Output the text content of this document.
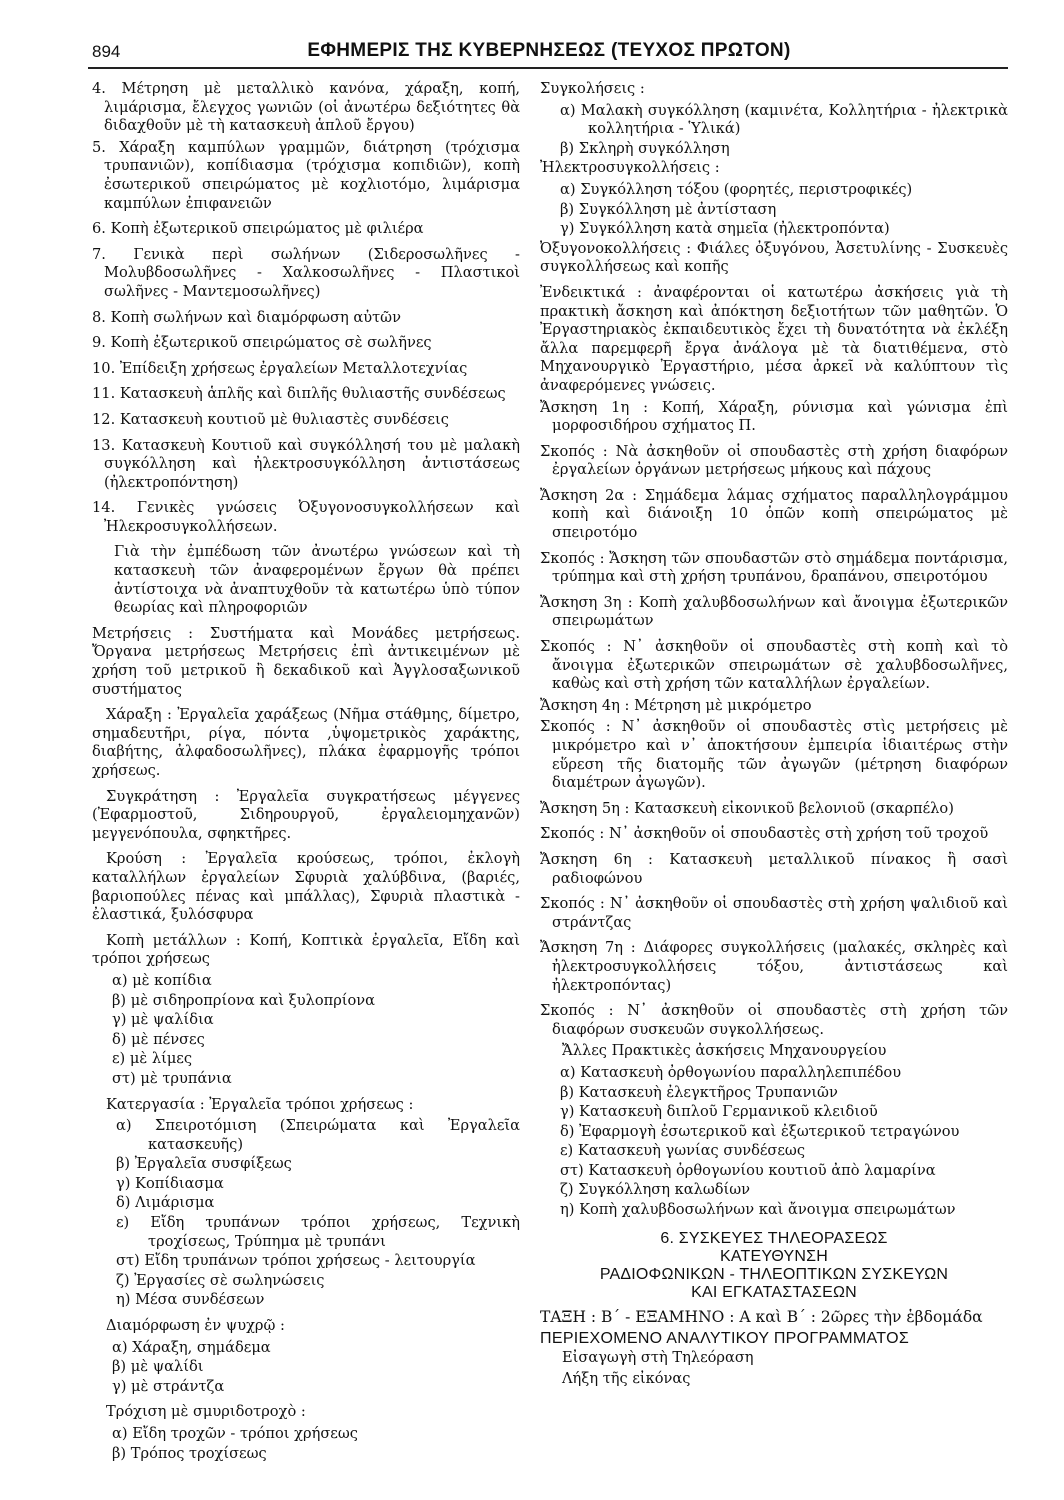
894	ΕΦΗΜΕΡΙΣ ΤΗΣ ΚΥΒΕΡΝΗΣΕΩΣ (ΤΕΥΧΟΣ ΠΡΩΤΟΝ)
4. Μέτρηση μὲ μεταλλικὸ κανόνα, χάραξη, κοπή, λιμάρισμα, ἔλεγχος γωνιῶν (οἱ ἀνωτέρω δεξιότητες θὰ διδαχθοῦν μὲ τὴ κατασκευὴ ἁπλοῦ ἔργου)
5. Χάραξη καμπύλων γραμμῶν, διάτρηση (τρόχισμα τρυπανιῶν), κοπίδιασμα (τρόχισμα κοπιδιῶν), κοπὴ ἐσωτερικοῦ σπειρώματος μὲ κοχλιοτόμο, λιμάρισμα καμπύλων ἐπιφανειῶν
6. Κοπὴ ἐξωτερικοῦ σπειρώματος μὲ φιλιέρα
7. Γενικὰ περὶ σωλήνων (Σιδεροσωλῆνες - Μολυβδοσωλῆνες - Χαλκοσωλῆνες - Πλαστικοὶ σωλῆνες - Μαντεμοσωλῆνες)
8. Κοπὴ σωλήνων καὶ διαμόρφωση αὐτῶν
9. Κοπὴ ἐξωτερικοῦ σπειρώματος σὲ σωλῆνες
10. Ἐπίδειξη χρήσεως ἐργαλείων Μεταλλοτεχνίας
11. Κατασκευὴ ἁπλῆς καὶ διπλῆς θυλιαστῆς συνδέσεως
12. Κατασκευὴ κουτιοῦ μὲ θυλιαστὲς συνδέσεις
13. Κατασκευὴ Κουτιοῦ καὶ συγκόλλησή του μὲ μαλακὴ συγκόλληση καὶ ἠλεκτροσυγκόλληση ἀντιστάσεως (ἠλεκτροπόντηση)
14. Γενικὲς γνώσεις Ὀξυγονοσυγκολλήσεων καὶ Ἠλεκροσυγκολλήσεων.
Γιὰ τὴν ἐμπέδωση τῶν ἀνωτέρω γνώσεων καὶ τὴ κατασκευὴ τῶν ἀναφερομένων ἔργων θὰ πρέπει ἀντίστοιχα νὰ ἀναπτυχθοῦν τὰ κατωτέρω ὑπὸ τύπον θεωρίας καὶ πληροφοριῶν
Μετρήσεις : Συστήματα καὶ Μονάδες μετρήσεως. Ὄργανα μετρήσεως Μετρήσεις ἐπὶ ἀντικειμένων μὲ χρήση τοῦ μετρικοῦ ἢ δεκαδικοῦ καὶ Ἀγγλοσαξωνικοῦ συστήματος
Χάραξη : Ἐργαλεῖα χαράξεως (Νῆμα στάθμης, δίμετρο, σημαδευτῆρι, ρίγα, πόντα ,ὑψομετρικὸς χαράκτης, διαβήτης, ἀλφαδοσωλῆνες), πλάκα ἐφαρμογῆς τρόποι χρήσεως.
Συγκράτηση : Ἐργαλεῖα συγκρατήσεως μέγγενες (Ἐφαρμοστοῦ, Σιδηρουργοῦ, ἐργαλειομηχανῶν) μεγγενόπουλα, σφηκτῆρες.
Κρούση : Ἐργαλεῖα κρούσεως, τρόποι, ἐκλογὴ καταλλήλων ἐργαλείων Σφυριὰ χαλύβδινα, (βαριές, βαριοπούλες πένας καὶ μπάλλας), Σφυριὰ πλαστικὰ - ἐλαστικά, ξυλόσφυρα
Κοπὴ μετάλλων : Κοπή, Κοπτικὰ ἐργαλεῖα, Εἴδη καὶ τρόποι χρήσεως
α) μὲ κοπίδια
β) μὲ σιδηροπρίονα καὶ ξυλοπρίονα
γ) μὲ ψαλίδια
δ) μὲ πένσες
ε) μὲ λίμες
στ) μὲ τρυπάνια
Κατεργασία : Ἐργαλεῖα τρόποι χρήσεως :
α) Σπειροτόμιση (Σπειρώματα καὶ Ἐργαλεῖα κατασκευῆς)
β) Ἐργαλεῖα συσφίξεως
γ) Κοπίδιασμα
δ) Λιμάρισμα
ε) Εἴδη τρυπάνων τρόποι χρήσεως, Τεχνικὴ τροχίσεως, Τρύπημα μὲ τρυπάνι
στ) Εἴδη τρυπάνων τρόποι χρήσεως - λειτουργία
ζ) Ἐργασίες σὲ σωληνώσεις
η) Μέσα συνδέσεων
Διαμόρφωση ἐν ψυχρῷ :
α) Χάραξη, σημάδεμα
β) μὲ ψαλίδι
γ) μὲ στράντζα
Τρόχιση μὲ σμυριδοτροχὸ :
α) Εἴδη τροχῶν - τρόποι χρήσεως
β) Τρόπος τροχίσεως
Συγκολήσεις :
α) Μαλακὴ συγκόλληση (καμινέτα, Κολλητήρια - ἠλεκτρικὰ κολλητήρια - Ὑλικά)
β) Σκληρὴ συγκόλληση
Ἠλεκτροσυγκολλήσεις :
α) Συγκόλληση τόξου (φορητές, περιστροφικές)
β) Συγκόλληση μὲ ἀντίσταση
γ) Συγκόλληση κατὰ σημεῖα (ἠλεκτροπόντα)
Ὀξυγονοκολλήσεις : Φιάλες ὀξυγόνου, Ἀσετυλίνης - Συσκευὲς συγκολλήσεως καὶ κοπῆς
Ἐνδεικτικά : ἀναφέρονται οἱ κατωτέρω ἀσκήσεις γιὰ τὴ πρακτικὴ ἄσκηση καὶ ἀπόκτηση δεξιοτήτων τῶν μαθητῶν. Ὁ Ἐργαστηριακὸς ἐκπαιδευτικὸς ἔχει τὴ δυνατότητα νὰ ἐκλέξη ἄλλα παρεμφερῆ ἔργα ἀνάλογα μὲ τὰ διατιθέμενα, στὸ Μηχανουργικὸ Ἐργαστήριο, μέσα ἀρκεῖ νὰ καλύπτουν τὶς ἀναφερόμενες γνώσεις.
Ἄσκηση 1η : Κοπή, Χάραξη, ρύνισμα καὶ γώνισμα ἐπὶ μορφοσιδήρου σχήματος Π.
Σκοπός : Νὰ ἀσκηθοῦν οἱ σπουδαστὲς στὴ χρήση διαφόρων ἐργαλείων ὀργάνων μετρήσεως μήκους καὶ πάχους
Ἄσκηση 2α : Σημάδεμα λάμας σχήματος παραλληλογράμμου κοπὴ καὶ διάνοιξη 10 ὀπῶν κοπὴ σπειρώματος μὲ σπειροτόμο
Σκοπός : Ἄσκηση τῶν σπουδαστῶν στὸ σημάδεμα ποντάρισμα, τρύπημα καὶ στὴ χρήση τρυπάνου, δραπάνου, σπειροτόμου
Ἄσκηση 3η : Κοπὴ χαλυβδοσωλήνων καὶ ἄνοιγμα ἐξωτερικῶν σπειρωμάτων
Σκοπός : Ν᾽ ἀσκηθοῦν οἱ σπουδαστὲς στὴ κοπὴ καὶ τὸ ἄνοιγμα ἐξωτερικῶν σπειρωμάτων σὲ χαλυβδοσωλῆνες, καθὼς καὶ στὴ χρήση τῶν καταλλήλων ἐργαλείων.
Ἄσκηση 4η : Μέτρηση μὲ μικρόμετρο
Σκοπός : Ν᾽ ἀσκηθοῦν οἱ σπουδαστὲς στὶς μετρήσεις μὲ μικρόμετρο καὶ ν᾽ ἀποκτήσουν ἐμπειρία ἰδιαιτέρως στὴν εὕρεση τῆς διατομῆς τῶν ἀγωγῶν (μέτρηση διαφόρων διαμέτρων ἀγωγῶν).
Ἄσκηση 5η : Κατασκευὴ εἰκονικοῦ βελονιοῦ (σκαρπέλο)
Σκοπός : Ν᾽ ἀσκηθοῦν οἱ σπουδαστὲς στὴ χρήση τοῦ τροχοῦ
Ἄσκηση 6η : Κατασκευὴ μεταλλικοῦ πίνακος ἢ σασὶ ραδιοφώνου
Σκοπός : Ν᾽ ἀσκηθοῦν οἱ σπουδαστὲς στὴ χρήση ψαλιδιοῦ καὶ στράντζας
Ἄσκηση 7η : Διάφορες συγκολλήσεις (μαλακές, σκληρὲς καὶ ἠλεκτροσυγκολλήσεις τόξου, ἀντιστάσεως καὶ ἠλεκτροπόντας)
Σκοπός : Ν᾽ ἀσκηθοῦν οἱ σπουδαστὲς στὴ χρήση τῶν διαφόρων συσκευῶν συγκολλήσεως.
Ἄλλες Πρακτικὲς ἀσκήσεις Μηχανουργείου
α) Κατασκευὴ ὀρθογωνίου παραλληλεπιπέδου
β) Κατασκευὴ ἐλεγκτῆρος Τρυπανιῶν
γ) Κατασκευὴ διπλοῦ Γερμανικοῦ κλειδιοῦ
δ) Ἐφαρμογὴ ἐσωτερικοῦ καὶ ἐξωτερικοῦ τετραγώνου
ε) Κατασκευὴ γωνίας συνδέσεως
στ) Κατασκευὴ ὀρθογωνίου κουτιοῦ ἀπὸ λαμαρίνα
ζ) Συγκόλληση καλωδίων
η) Κοπὴ χαλυβδοσωλήνων καὶ ἄνοιγμα σπειρωμάτων
6. ΣΥΣΚΕΥΕΣ ΤΗΛΕΟΡΑΣΕΩΣ
ΚΑΤΕΥΘΥΝΣΗ
ΡΑΔΙΟΦΩΝΙΚΩΝ - ΤΗΛΕΟΠΤΙΚΩΝ ΣΥΣΚΕΥΩΝ
ΚΑΙ ΕΓΚΑΤΑΣΤΑΣΕΩΝ
ΤΑΞΗ : Β΄ - ΕΞΑΜΗΝΟ : Α καὶ Β΄ : 2ῶρες τὴν ἑβδομάδα
ΠΕΡΙΕΧΟΜΕΝΟ ΑΝΑΛΥΤΙΚΟΥ ΠΡΟΓΡΑΜΜΑΤΟΣ
Εἰσαγωγὴ στὴ Τηλεόραση
Λήξη τῆς εἰκόνας
